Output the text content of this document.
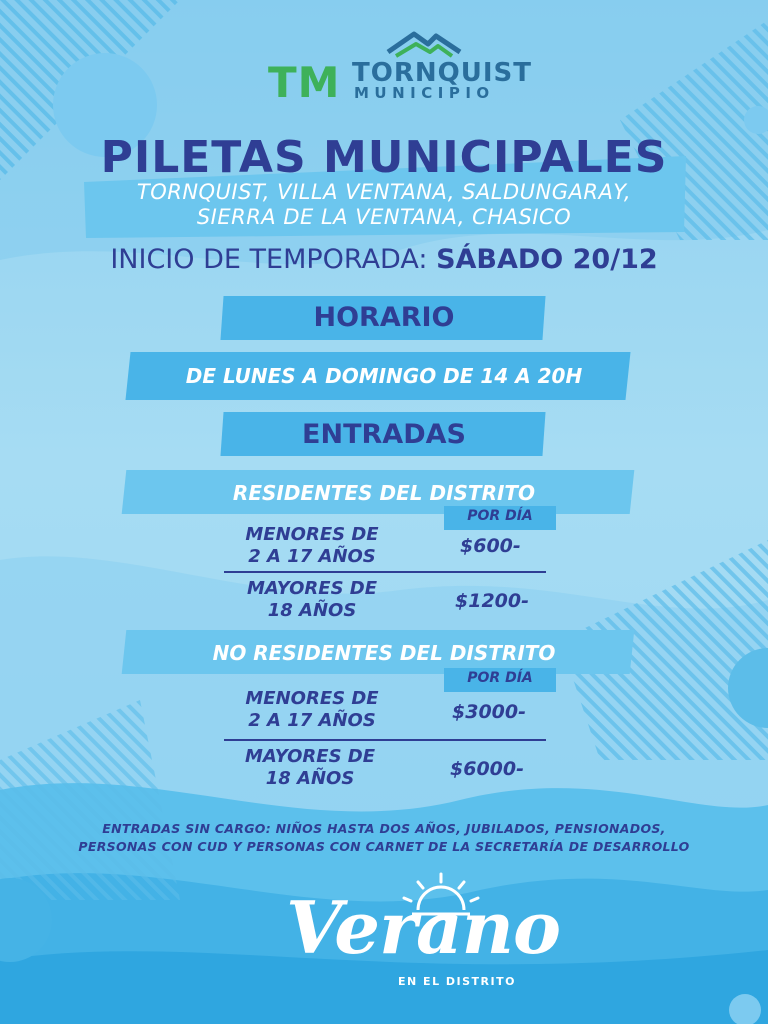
TM TORNQUIST
MUNICIPIO
PILETAS MUNICIPALES
TORNQUIST, VILLA VENTANA, SALDUNGARAY,
SIERRA DE LA VENTANA, CHASICO
INICIO DE TEMPORADA: SÁBADO 20/12
HORARIO
DE LUNES A DOMINGO DE 14 A 20H
ENTRADAS
RESIDENTES DEL DISTRITO
POR DÍA
MENORES DE
2 A 17 AÑOS	$600-
MAYORES DE
18 AÑOS	$1200-
NO RESIDENTES DEL DISTRITO
POR DÍA
MENORES DE
2 A 17 AÑOS	$3000-
MAYORES DE
18 AÑOS	$6000-
ENTRADAS SIN CARGO: NIÑOS HASTA DOS AÑOS, JUBILADOS, PENSIONADOS,
PERSONAS CON CUD Y PERSONAS CON CARNET DE LA SECRETARÍA DE DESARROLLO
Verano
EN EL DISTRITO
